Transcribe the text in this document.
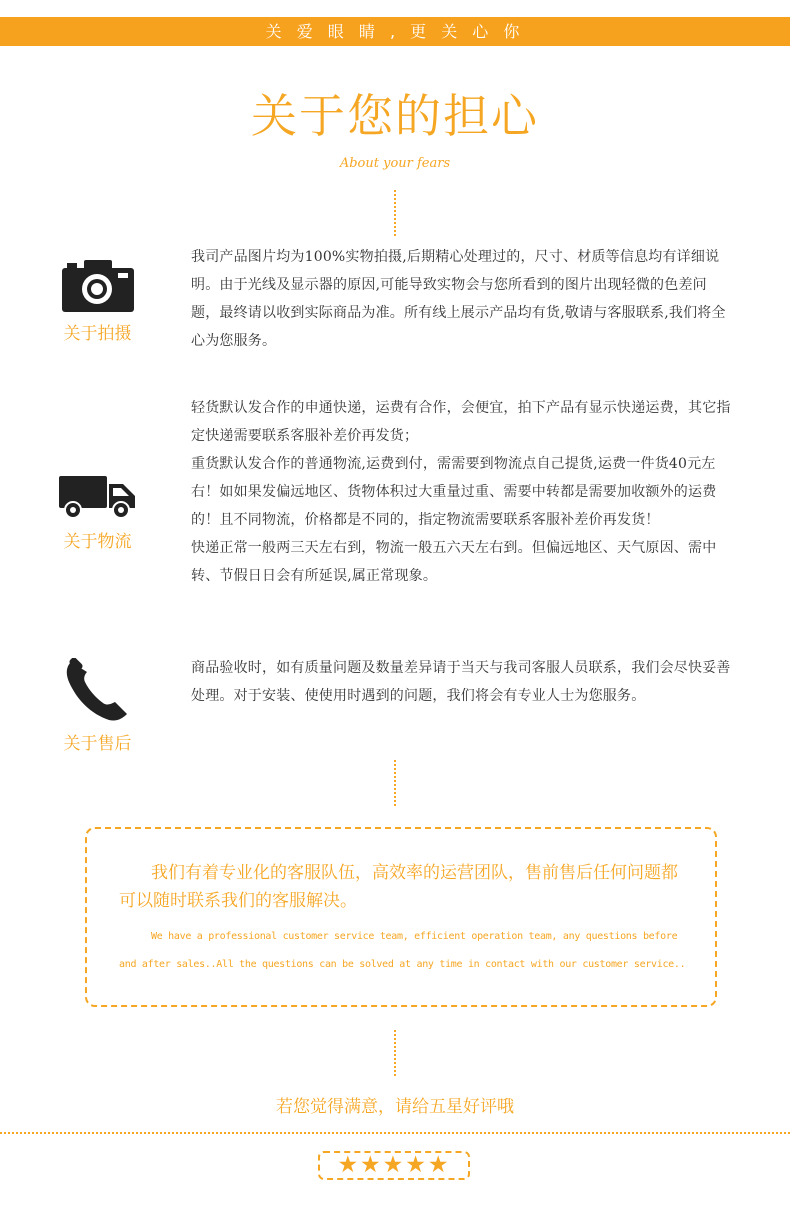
关 爱 眼 睛 , 更 关 心 你
关于您的担心
About your fears
关于拍摄

我司产品图片均为100%实物拍摄,后期精心处理过的，尺寸、材质等信息均有详细说明。由于光线及显示器的原因,可能导致实物会与您所看到的图片出现轻微的色差问题，最终请以收到实际商品为准。所有线上展示产品均有货,敬请与客服联系,我们将全心为您服务。

关于物流

轻货默认发合作的申通快递，运费有合作，会便宜，拍下产品有显示快递运费，其它指定快递需要联系客服补差价再发货；

重货默认发合作的普通物流,运费到付，需需要到物流点自己提货,运费一件货40元左右！如如果发偏远地区、货物体积过大重量过重、需要中转都是需要加收额外的运费的！且不同物流，价格都是不同的，指定物流需要联系客服补差价再发货！

快递正常一般两三天左右到，物流一般五六天左右到。但偏远地区、天气原因、需中转、节假日日会有所延误,属正常现象。

关于售后

商品验收时，如有质量问题及数量差异请于当天与我司客服人员联系，我们会尽快妥善处理。对于安装、使使用时遇到的问题，我们将会有专业人士为您服务。

我们有着专业化的客服队伍，高效率的运营团队，售前售后任何问题都可以随时联系我们的客服解决。
We have a professional customer service team, efficient operation team, any questions before and after sales..All the questions can be solved at any time in contact with our customer service..
若您觉得满意，请给五星好评哦
★★★★★
